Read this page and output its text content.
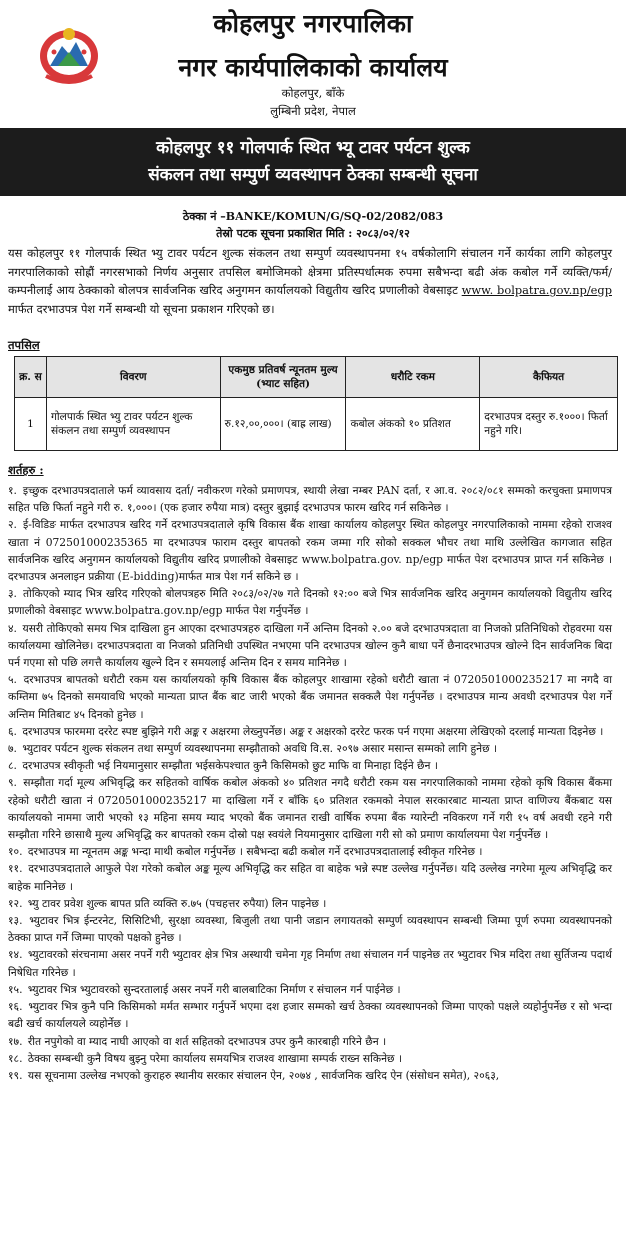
कोहलपुर नगरपालिका
नगर कार्यपालिकाको कार्यालय
कोहलपुर, बाँके
लुम्बिनी प्रदेश, नेपाल
कोहलपुर ११ गोलपार्क स्थित भ्यू टावर पर्यटन शुल्क
संकलन तथा सम्पुर्ण व्यवस्थापन ठेक्का सम्बन्धी सूचना
ठेक्का नं –BANKE/KOMUN/G/SQ-02/2082/083
तेस्रो पटक सूचना प्रकाशित मिति : २०८३/०२/१२
यस कोहलपुर ११ गोलपार्क स्थित भ्यु टावर पर्यटन शुल्क संकलन तथा सम्पुर्ण व्यवस्थापनमा १५ वर्षकोलागि संचालन गर्ने कार्यका लागि कोहलपुर नगरपालिकाको सोह्रौं नगरसभाको निर्णय अनुसार तपसिल बमोजिमको क्षेत्रमा प्रतिस्पर्धात्मक रुपमा सबैभन्दा बढी अंक कबोल गर्ने व्यक्ति/फर्म/कम्पनीलाई आय ठेक्काको बोलपत्र सार्वजनिक खरिद अनुगमन कार्यालयको विद्युतीय खरिद प्रणालीको वेबसाइट www. bolpatra.gov.np/egp मार्फत दरभाउपत्र पेश गर्ने सम्बन्धी यो सूचना प्रकाशन गरिएको छ।
तपसिल
क्र. स	विवरण	एकमुष्ठ प्रतिवर्ष न्यूनतम मुल्य (भ्याट सहित)	धरौटि रकम	कैफियत
1	गोलपार्क स्थित भ्यु टावर पर्यटन शुल्क संकलन तथा सम्पुर्ण व्यवस्थापन	रु.१२,००,०००। (बाह्र लाख)	कबोल अंकको १० प्रतिशत	दरभाउपत्र दस्तुर रु.१०००। फिर्ता नहुने गरि।
शर्तहरु :
१. इच्छुक दरभाउपत्रदाताले फर्म व्यावसाय दर्ता/ नवीकरण गरेको प्रमाणपत्र, स्थायी लेखा नम्बर PAN दर्ता, र आ.व. २०८२/०८१ सम्मको करचुक्ता प्रमाणपत्र सहित पछि फिर्ता नहुने गरी रु. १,०००। (एक हजार रुपैया मात्र) दस्तुर बुझाई दरभाउपत्र फारम खरिद गर्न सकिनेछ ।
२. ई-विडिङ मार्फत दरभाउपत्र खरिद गर्ने दरभाउपत्रदाताले कृषि विकास बैंक शाखा कार्यालय कोहलपुर स्थित कोहलपुर नगरपालिकाको नाममा रहेको राजश्व खाता नं 072501000235365 मा दरभाउपत्र फाराम दस्तुर बापतको रकम जम्मा गरि सोको सक्कल भौचर तथा माथि उल्लेखित कागजात सहित सार्वजनिक खरिद अनुगमन कार्यालयको विद्युतीय खरिद प्रणालीको वेबसाइट www.bolpatra.gov. np/egp मार्फत पेश दरभाउपत्र प्राप्त गर्न सकिनेछ । दरभाउपत्र अनलाइन प्रक्रीया (E-bidding)मार्फत मात्र पेश गर्न सकिने छ ।
३. तोकिएको म्याद भित्र खरिद गरिएको बोलपत्रहरु मिति २०८३/०२/२७ गते दिनको १२:०० बजे भित्र सार्वजनिक खरिद अनुगमन कार्यालयको विद्युतीय खरिद प्रणालीको वेबसाइट www.bolpatra.gov.np/egp मार्फत पेश गर्नुपर्नेछ ।
४. यसरी तोकिएको समय भित्र दाखिला हुन आएका दरभाउपत्रहरु दाखिला गर्ने अन्तिम दिनको २.०० बजे दरभाउपत्रदाता वा निजको प्रतिनिधिको रोहवरमा यस कार्यालयमा खोलिनेछ। दरभाउपत्रदाता वा निजको प्रतिनिधी उपस्थित नभएमा पनि दरभाउपत्र खोल्न कुनै बाधा पर्ने छैनादरभाउपत्र खोल्ने दिन सार्वजनिक बिदा पर्न गएमा सो पछि लगत्तै कार्यालय खुल्ने दिन र समयलाई अन्तिम दिन र समय मानिनेछ ।
५. दरभाउपत्र बापतको धरौटी रकम यस कार्यालयको कृषि विकास बैंक कोहलपुर शाखामा रहेको धरौटी खाता नं 0720501000235217 मा नगदै वा कम्तिमा ७५ दिनको समयावधि भएको मान्यता प्राप्त बैंक बाट जारी भएको बैंक जमानत सक्कलै पेश गर्नुपर्नेछ । दरभाउपत्र मान्य अवधी दरभाउपत्र पेश गर्ने अन्तिम मितिबाट ४५ दिनको हुनेछ ।
६. दरभाउपत्र फारममा दररेट स्पष्ट बुझिने गरी अङ्क र अक्षरमा लेख्नुपर्नेछ। अङ्क र अक्षरको दररेट फरक पर्न गएमा अक्षरमा लेखिएको दरलाई मान्यता दिइनेछ ।
७. भ्युटावर पर्यटन शुल्क संकलन तथा सम्पुर्ण व्यवस्थापनमा सम्झौताको अवधि वि.स. २०९७ असार मसान्त सम्मको लागि हुनेछ ।
८. दरभाउपत्र स्वीकृती भई नियमानुसार सम्झौता भईसकेपश्चात कुनै किसिमको छुट माफि वा मिनाहा दिईने छैन ।
९. सम्झौता गर्दा मूल्य अभिवृद्धि कर सहितको वार्षिक कबोल अंकको ४० प्रतिशत नगदै धरौटी रकम यस नगरपालिकाको नाममा रहेको कृषि विकास बैंकमा रहेको धरौटी खाता नं 0720501000235217 मा दाखिला गर्ने र बाँकि ६० प्रतिशत रकमको नेपाल सरकारबाट मान्यता प्राप्त वाणिज्य बैंकबाट यस कार्यालयको नाममा जारी भएको १३ महिना समय म्याद भएको बैंक जमानत राखी वार्षिक रुपमा बैंक ग्यारेन्टी नविकरण गर्ने गरी १५ वर्ष अवधी रहने गरी सम्झौता गरिने छासाथै मुल्य अभिवृद्धि कर बापतको रकम दोस्रो पक्ष स्वयंले नियमानुसार दाखिला गरी सो को प्रमाण कार्यालयमा पेश गर्नुपर्नेछ ।
१०. दरभाउपत्र मा न्यूनतम अङ्क भन्दा माथी कबोल गर्नुपर्नेछ । सबैभन्दा बढी कबोल गर्ने दरभाउपत्रदातालाई स्वीकृत गरिनेछ ।
११. दरभाउपत्रदाताले आफुले पेश गरेको कबोल अङ्क मूल्य अभिवृद्धि कर सहित वा बाहेक भन्ने स्पष्ट उल्लेख गर्नुपर्नेछ। यदि उल्लेख नगरेमा मूल्य अभिवृद्धि कर बाहेक मानिनेछ ।
१२. भ्यु टावर प्रवेश शुल्क बापत प्रति व्यक्ति रु.७५ (पचहत्तर रुपैया) लिन पाइनेछ ।
१३. भ्युटावर भित्र ईन्टरनेट, सिसिटिभी, सुरक्षा व्यवस्था, बिजुली तथा पानी जडान लगायतको सम्पुर्ण व्यवस्थापन सम्बन्धी जिम्मा पूर्ण रुपमा व्यवस्थापनको ठेक्का प्राप्त गर्ने जिम्मा पाएको पक्षको हुनेछ ।
१४. भ्युटावरको संरचनामा असर नपर्ने गरी भ्युटावर क्षेत्र भित्र अस्थायी चमेना गृह निर्माण तथा संचालन गर्न पाइनेछ तर भ्युटावर भित्र मदिरा तथा सुर्तिजन्य पदार्थ निषेधित गरिनेछ ।
१५. भ्युटावर भित्र भ्युटावरको सुन्दरतालाई असर नपर्ने गरी बालबाटिका निर्माण र संचालन गर्न पाईनेछ ।
१६. भ्युटावर भित्र कुनै पनि किसिमको मर्मत सम्भार गर्नुपर्ने भएमा दश हजार सम्मको खर्च ठेक्का व्यवस्थापनको जिम्मा पाएको पक्षले व्यहोर्नुपर्नेछ र सो भन्दा बढी खर्च कार्यालयले व्यहोर्नेछ ।
१७. रीत नपुगेको वा म्याद नाघी आएको वा शर्त सहितको दरभाउपत्र उपर कुनै कारबाही गरिने छैन ।
१८. ठेक्का सम्बन्धी कुनै विषय बुझ्नु परेमा कार्यालय समयभित्र राजश्व शाखामा सम्पर्क राख्न सकिनेछ ।
१९. यस सूचनामा उल्लेख नभएको कुराहरु स्थानीय सरकार संचालन ऐन, २०७४ , सार्वजनिक खरिद ऐन (संसोधन समेत), २०६३,
